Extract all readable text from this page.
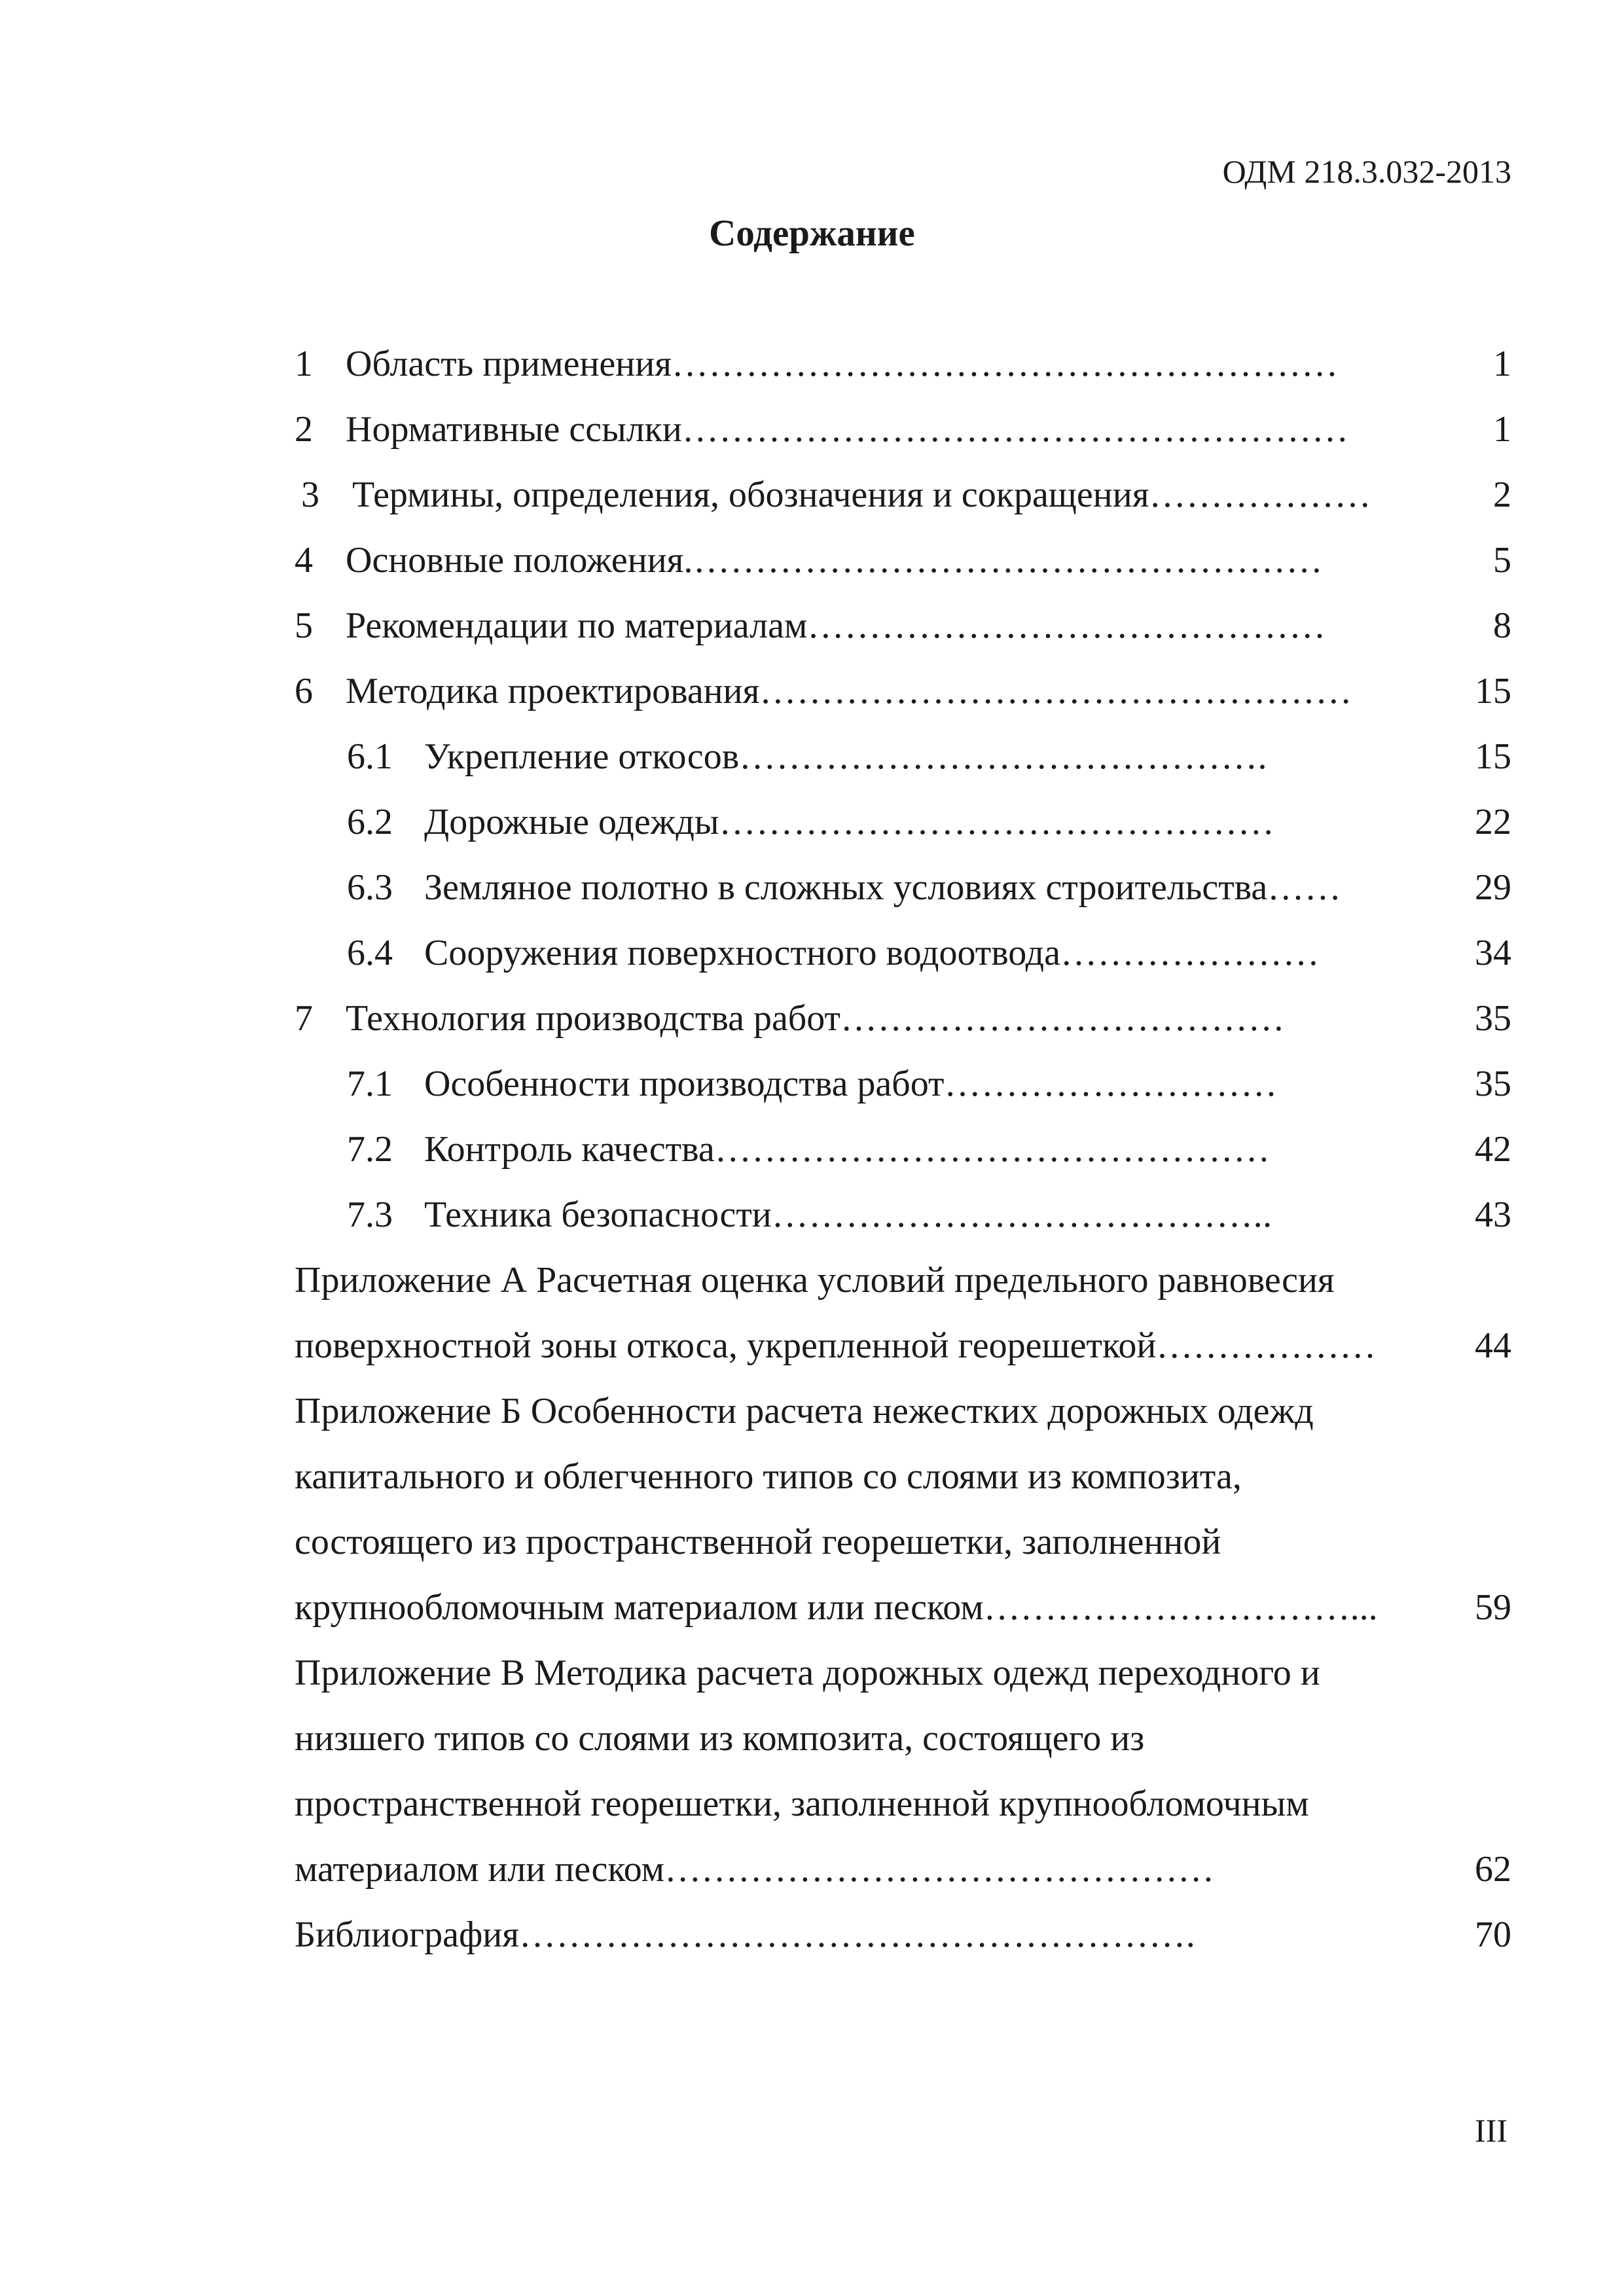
ОДМ 218.3.032-2013
Содержание
1 Область применения………………………………………………	1
2 Нормативные ссылки………………………………………………	1
3 Термины, определения, обозначения и сокращения………………	2
4 Основные положения.……………………………………………	5
5 Рекомендации по материалам……………………………………	8
6 Методика проектирования…………………………………………	15
6.1 Укрепление откосов…………………………………….	15
6.2 Дорожные одежды………………………………………	22
6.3 Земляное полотно в сложных условиях строительства……	29
6.4 Сооружения поверхностного водоотвода…………………	34
7 Технология производства работ………………………………	35
7.1 Особенности производства работ………………………	35
7.2 Контроль качества………………………………………	42
7.3 Техника безопасности…………………………………..	43
Приложение А Расчетная оценка условий предельного равновесия
поверхностной зоны откоса, укрепленной георешеткой………………	44
Приложение Б Особенности расчета нежестких дорожных одежд
капитального и облегченного типов со слоями из композита,
состоящего из пространственной георешетки, заполненной
крупнообломочным материалом или песком…………………………...	59
Приложение В Методика расчета дорожных одежд переходного и
низшего типов со слоями из композита, состоящего из
пространственной георешетки, заполненной крупнообломочным
материалом или песком………………………………………	62
Библиография……………………………………………….	70
III
